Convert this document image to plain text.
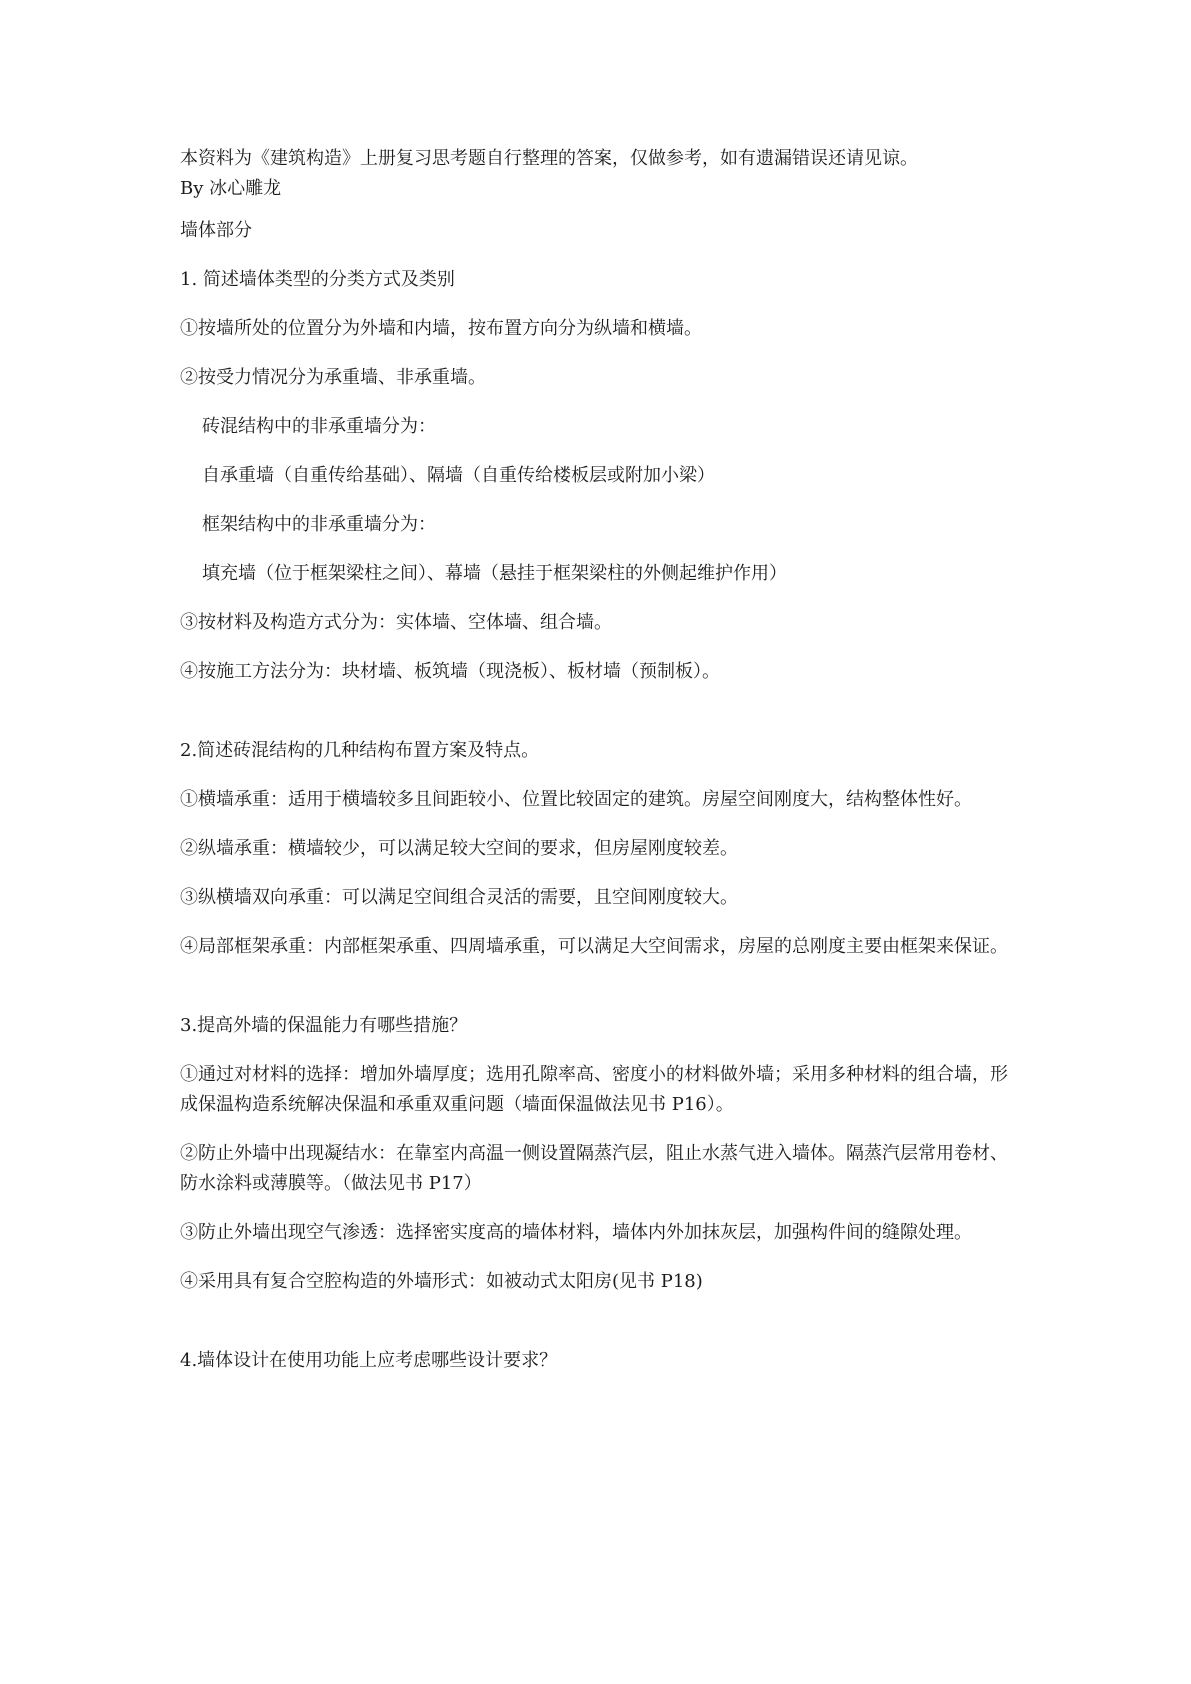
本资料为《建筑构造》上册复习思考题自行整理的答案，仅做参考，如有遗漏错误还请见谅。
By 冰心雕龙

墙体部分

1. 简述墙体类型的分类方式及类别

①按墙所处的位置分为外墙和内墙，按布置方向分为纵墙和横墙。

②按受力情况分为承重墙、非承重墙。

砖混结构中的非承重墙分为：

自承重墙（自重传给基础）、隔墙（自重传给楼板层或附加小梁）

框架结构中的非承重墙分为：

填充墙（位于框架梁柱之间）、幕墙（悬挂于框架梁柱的外侧起维护作用）

③按材料及构造方式分为：实体墙、空体墙、组合墙。

④按施工方法分为：块材墙、板筑墙（现浇板）、板材墙（预制板）。

2.简述砖混结构的几种结构布置方案及特点。

①横墙承重：适用于横墙较多且间距较小、位置比较固定的建筑。房屋空间刚度大，结构整体性好。

②纵墙承重：横墙较少，可以满足较大空间的要求，但房屋刚度较差。

③纵横墙双向承重：可以满足空间组合灵活的需要，且空间刚度较大。

④局部框架承重：内部框架承重、四周墙承重，可以满足大空间需求，房屋的总刚度主要由框架来保证。

3.提高外墙的保温能力有哪些措施？

①通过对材料的选择：增加外墙厚度；选用孔隙率高、密度小的材料做外墙；采用多种材料的组合墙，形成保温构造系统解决保温和承重双重问题（墙面保温做法见书 P16）。

②防止外墙中出现凝结水：在靠室内高温一侧设置隔蒸汽层，阻止水蒸气进入墙体。隔蒸汽层常用卷材、防水涂料或薄膜等。（做法见书 P17）

③防止外墙出现空气渗透：选择密实度高的墙体材料，墙体内外加抹灰层，加强构件间的缝隙处理。

④采用具有复合空腔构造的外墙形式：如被动式太阳房(见书 P18)

4.墙体设计在使用功能上应考虑哪些设计要求？
